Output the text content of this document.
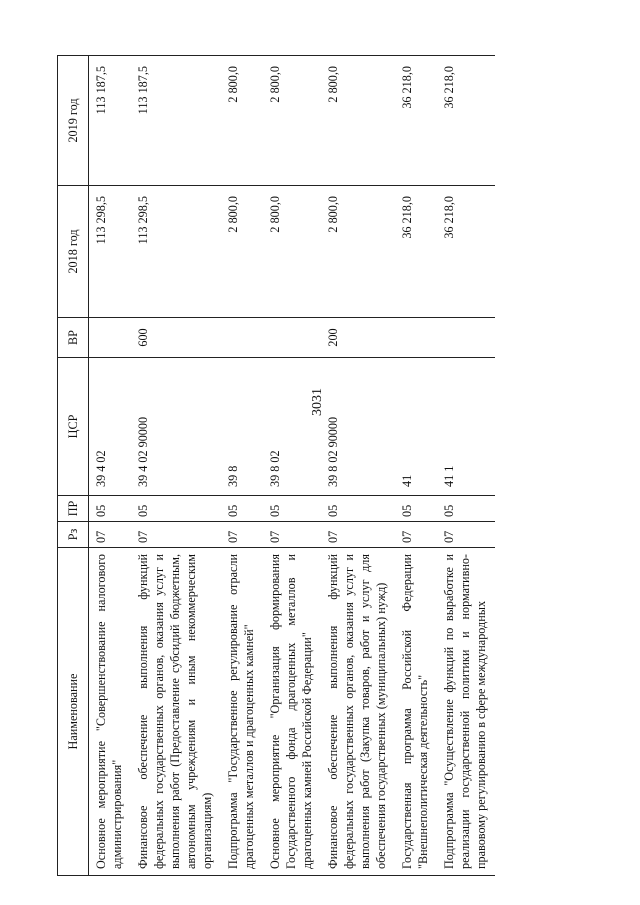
3031
Наименование	Рз	ПР	ЦСР	ВР	2018 год	2019 год
Основное мероприятие "Совершенствование налогового администрирования"	07	05	39 4 02		113 298,5	113 187,5
Финансовое обеспечение выполнения функций федеральных государственных органов, оказания услуг и выполнения работ (Предоставление субсидий бюджетным, автономным учреждениям и иным некоммерческим организациям)	07	05	39 4 02 90000	600	113 298,5	113 187,5
Подпрограмма "Государственное регулирование отрасли драгоценных металлов и драгоценных камней"	07	05	39 8		2 800,0	2 800,0
Основное мероприятие "Организация формирования Государственного фонда драгоценных металлов и драгоценных камней Российской Федерации"	07	05	39 8 02		2 800,0	2 800,0
Финансовое обеспечение выполнения функций федеральных государственных органов, оказания услуг и выполнения работ (Закупка товаров, работ и услуг для обеспечения государственных (муниципальных) нужд)	07	05	39 8 02 90000	200	2 800,0	2 800,0
Государственная программа Российской Федерации "Внешнеполитическая деятельность"	07	05	41		36 218,0	36 218,0
Подпрограмма "Осуществление функций по выработке и реализации государственной политики и нормативно-правовому регулированию в сфере международных	07	05	41 1		36 218,0	36 218,0
